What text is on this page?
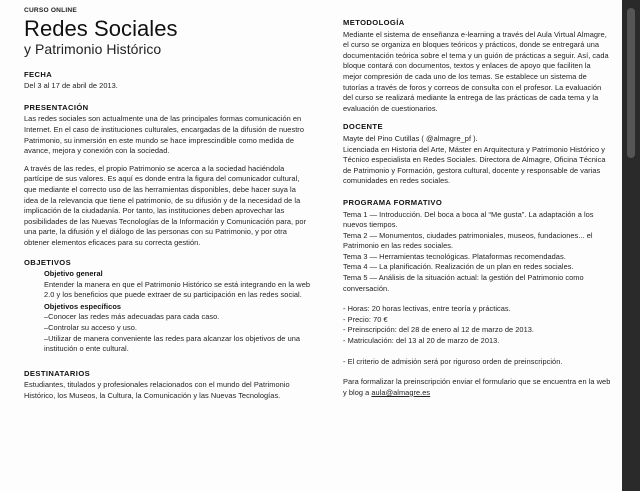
CURSO ONLINE
Redes Sociales
y Patrimonio Histórico
FECHA
Del 3 al 17 de abril de 2013.
PRESENTACIÓN
Las redes sociales son actualmente una de las principales formas comunicación en Internet. En el caso de instituciones culturales, encargadas de la difusión de nuestro Patrimonio, su inmersión en este mundo se hace imprescindible como medida de avance, mejora y conexión con la sociedad.
A través de las redes, el propio Patrimonio se acerca a la sociedad haciéndola partícipe de sus valores. Es aquí es donde entra la figura del comunicador cultural, que mediante el correcto uso de las herramientas disponibles, debe hacer suya la idea de la relevancia que tiene el patrimonio, de su difusión y de la necesidad de la implicación de la ciudadanía. Por tanto, las instituciones deben aprovechar las posibilidades de las Nuevas Tecnologías de la Información y Comunicación para, por una parte, la difusión y el diálogo de las personas con su Patrimonio, y por otra obtener elementos eficaces para su correcta gestión.
OBJETIVOS
Objetivo general
Entender la manera en que el Patrimonio Histórico se está integrando en la web 2.0 y los beneficios que puede extraer de su participación en las redes social.
Objetivos específicos
–Conocer las redes más adecuadas para cada caso.
–Controlar su acceso y uso.
–Utilizar de manera conveniente las redes para alcanzar los objetivos de una institución o ente cultural.
DESTINATARIOS
Estudiantes, titulados y profesionales relacionados con el mundo del Patrimonio Histórico, los Museos, la Cultura, la Comunicación y las Nuevas Tecnologías.
METODOLOGÍA
Mediante el sistema de enseñanza e-learning a través del Aula Virtual Almagre, el curso se organiza en bloques teóricos y prácticos, donde se entregará una documentación teórica sobre el tema y un guión de prácticas a seguir. Así, cada bloque contará con documentos, textos y enlaces de apoyo que faciliten la mejor compresión de cada uno de los temas. Se establece un sistema de tutorías a través de foros y correos de consulta con el profesor. La evaluación del curso se realizará mediante la entrega de las prácticas de cada tema y la evaluación de cuestionarios.
DOCENTE
Mayte del Pino Cutillas ( @almagre_pf ).
Licenciada en Historia del Arte, Máster en Arquitectura y Patrimonio Histórico y Técnico especialista en Redes Sociales. Directora de Almagre, Oficina Técnica de Patrimonio y Formación, gestora cultural, docente y responsable de varias comunidades en redes sociales.
PROGRAMA FORMATIVO
Tema 1 — Introducción. Del boca a boca al “Me gusta”. La adaptación a los nuevos tiempos.
Tema 2 — Monumentos, ciudades patrimoniales, museos, fundaciones... el Patrimonio en las redes sociales.
Tema 3 — Herramientas tecnológicas. Plataformas recomendadas.
Tema 4 — La planificación. Realización de un plan en redes sociales.
Tema 5 — Análisis de la situación actual: la gestión del Patrimonio como conversación.
- Horas: 20 horas lectivas, entre teoría y prácticas.
- Precio: 70 €
- Preinscripción: del 28 de enero al 12 de marzo de 2013.
- Matriculación: del 13 al 20 de marzo de 2013.
- El criterio de admisión será por riguroso orden de preinscripción.
Para formalizar la preinscripción enviar el formulario que se encuentra en la web y blog a aula@almagre.es
